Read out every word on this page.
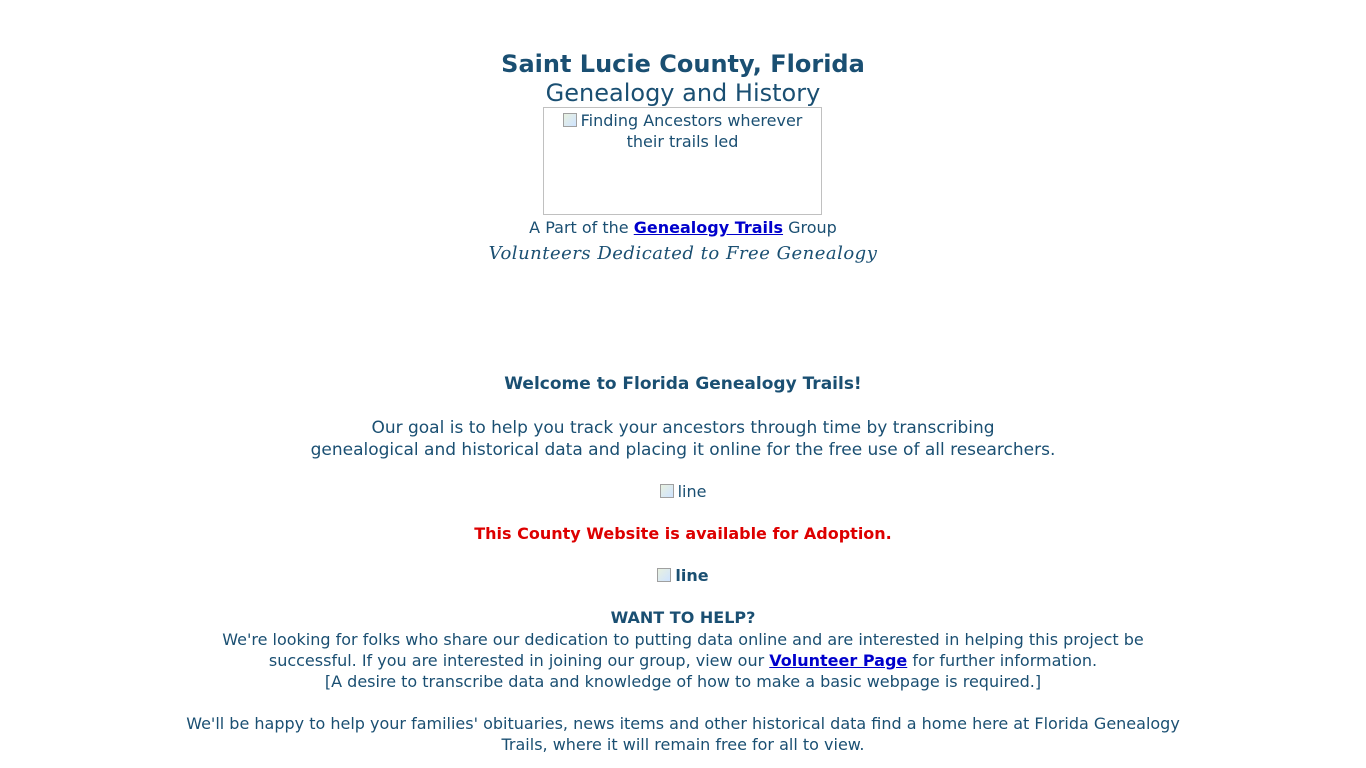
Saint Lucie County, Florida
Genealogy and History
Finding Ancestors wherever their trails led
A Part of the Genealogy Trails Group
Volunteers Dedicated to Free Genealogy
Welcome to Florida Genealogy Trails!
Our goal is to help you track your ancestors through time by transcribing
genealogical and historical data and placing it online for the free use of all researchers.
line
This County Website is available for Adoption.
line
WANT TO HELP?
We're looking for folks who share our dedication to putting data online and are interested in helping this project be successful. If you are interested in joining our group, view our Volunteer Page for further information.
[A desire to transcribe data and knowledge of how to make a basic webpage is required.]
We'll be happy to help your families' obituaries, news items and other historical data find a home here at Florida Genealogy Trails, where it will remain free for all to view.
